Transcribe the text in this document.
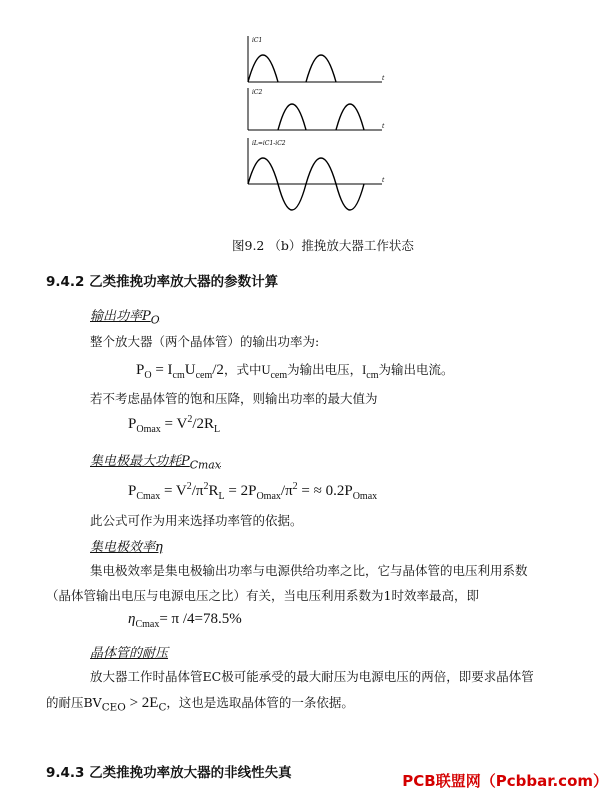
iC1
t
iC2
t
iL=iC1-iC2
t
图9.2 （b）推挽放大器工作状态
9.4.2 乙类推挽功率放大器的参数计算
输出功率$P_O$
整个放大器（两个晶体管）的输出功率为:
$P_O = I_{cm}U_{cem}/2$，式中$U_{cem}$为输出电压，$I_{cm}$为输出电流。
若不考虑晶体管的饱和压降，则输出功率的最大值为
$P_{Omax} = V^2/2R_L$
集电极最大功耗$P_{Cmax}$
$P_{Cmax} = V^2/\pi^2R_L = 2P_{Omax}/\pi^2$ = ≈ $0.2P_{Omax}$
此公式可作为用来选择功率管的依据。
集电极效率η
集电极效率是集电极输出功率与电源供给功率之比，它与晶体管的电压利用系数
（晶体管输出电压与电源电压之比）有关，当电压利用系数为1时效率最高，即
$\eta_{Cmax}= \pi$ /4=78.5%
晶体管的耐压
放大器工作时晶体管EC极可能承受的最大耐压为电源电压的两倍，即要求晶体管
的耐压$BV_{CEO} > 2E_C$，这也是选取晶体管的一条依据。
9.4.3 乙类推挽功率放大器的非线性失真	PCB联盟网（Pcbbar.com）
